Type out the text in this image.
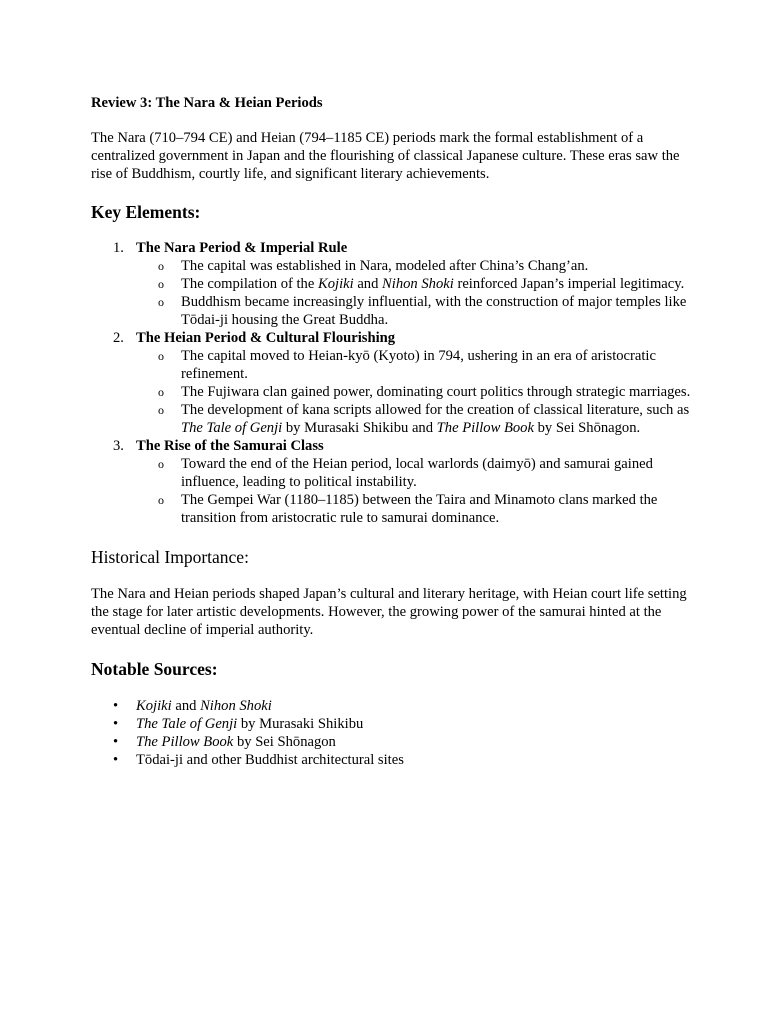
Review 3: The Nara & Heian Periods

The Nara (710–794 CE) and Heian (794–1185 CE) periods mark the formal establishment of a centralized government in Japan and the flourishing of classical Japanese culture. These eras saw the rise of Buddhism, courtly life, and significant literary achievements.

Key Elements:
1. The Nara Period & Imperial Rule
o The capital was established in Nara, modeled after China’s Chang’an.
o The compilation of the Kojiki and Nihon Shoki reinforced Japan’s imperial legitimacy.
o Buddhism became increasingly influential, with the construction of major temples like Tōdai-ji housing the Great Buddha.
2. The Heian Period & Cultural Flourishing
o The capital moved to Heian-kyō (Kyoto) in 794, ushering in an era of aristocratic refinement.
o The Fujiwara clan gained power, dominating court politics through strategic marriages.
o The development of kana scripts allowed for the creation of classical literature, such as The Tale of Genji by Murasaki Shikibu and The Pillow Book by Sei Shōnagon.
3. The Rise of the Samurai Class
o Toward the end of the Heian period, local warlords (daimyō) and samurai gained influence, leading to political instability.
o The Gempei War (1180–1185) between the Taira and Minamoto clans marked the transition from aristocratic rule to samurai dominance.
Historical Importance:

The Nara and Heian periods shaped Japan’s cultural and literary heritage, with Heian court life setting the stage for later artistic developments. However, the growing power of the samurai hinted at the eventual decline of imperial authority.

Notable Sources:
• Kojiki and Nihon Shoki
• The Tale of Genji by Murasaki Shikibu
• The Pillow Book by Sei Shōnagon
• Tōdai-ji and other Buddhist architectural sites
